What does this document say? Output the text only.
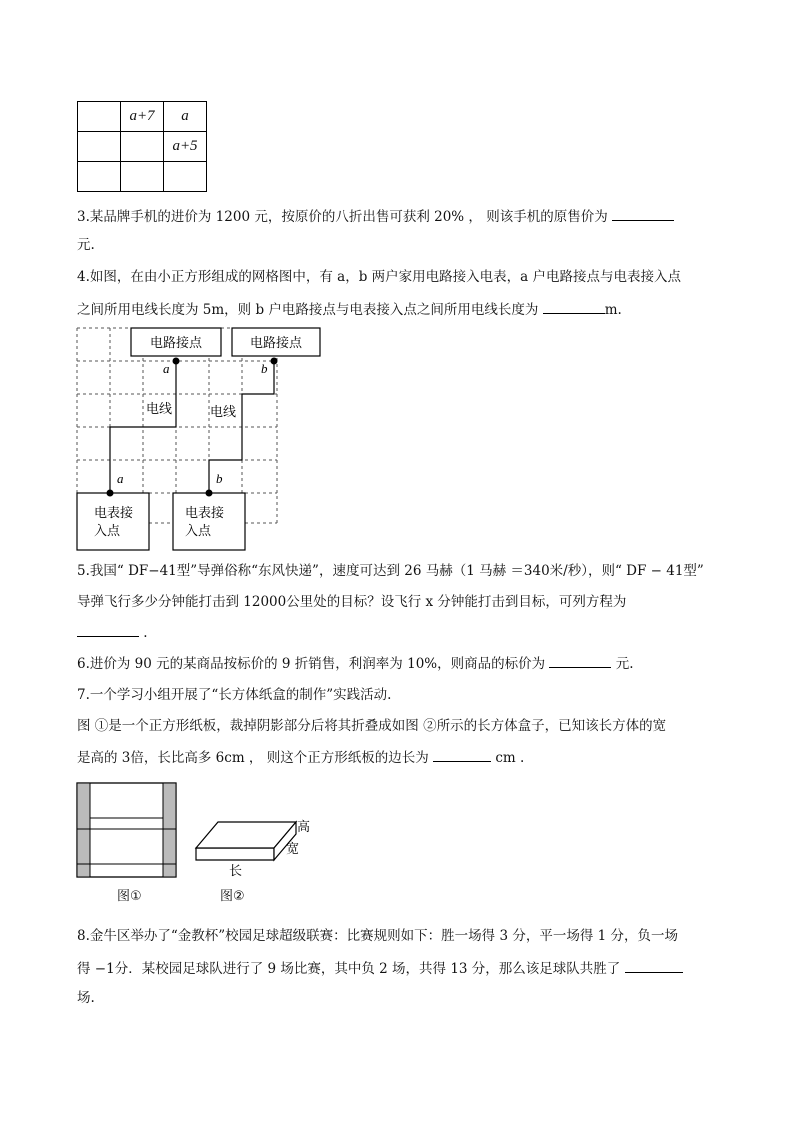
	a+7	a
		a+5

3.某品牌手机的进价为 1200 元，按原价的八折出售可获利 20% ， 则该手机的原售价为
元.
4.如图，在由小正方形组成的网格图中，有 a，b 两户家用电路接入电表，a 户电路接点与电表接入点
之间所用电线长度为 5m，则 b 户电路接点与电表接入点之间所用电线长度为	m.
电路接点
电表接
入点
电表接
入点
a	b
电线	电线
a	b
电路接点
5.我国“ DF−41型”导弹俗称“东风快递”，速度可达到 26 马赫（1 马赫 ＝340米/秒），则“ DF − 41型”
导弹飞行多少分钟能打击到 12000公里处的目标？设飞行 x 分钟能打击到目标，可列方程为
.
6.进价为 90 元的某商品按标价的 9 折销售，利润率为 10%，则商品的标价为	元.
7.一个学习小组开展了“长方体纸盒的制作”实践活动.
图 ①是一个正方形纸板，裁掉阴影部分后将其折叠成如图 ②所示的长方体盒子，已知该长方体的宽
是高的 3倍，长比高多 6cm ， 则这个正方形纸板的边长为	cm .
高
宽
长
图①	图②
8.金牛区举办了“金教杯”校园足球超级联赛：比赛规则如下：胜一场得 3 分，平一场得 1 分，负一场
得 −1分．某校园足球队进行了 9 场比赛，其中负 2 场，共得 13 分，那么该足球队共胜了
场.
